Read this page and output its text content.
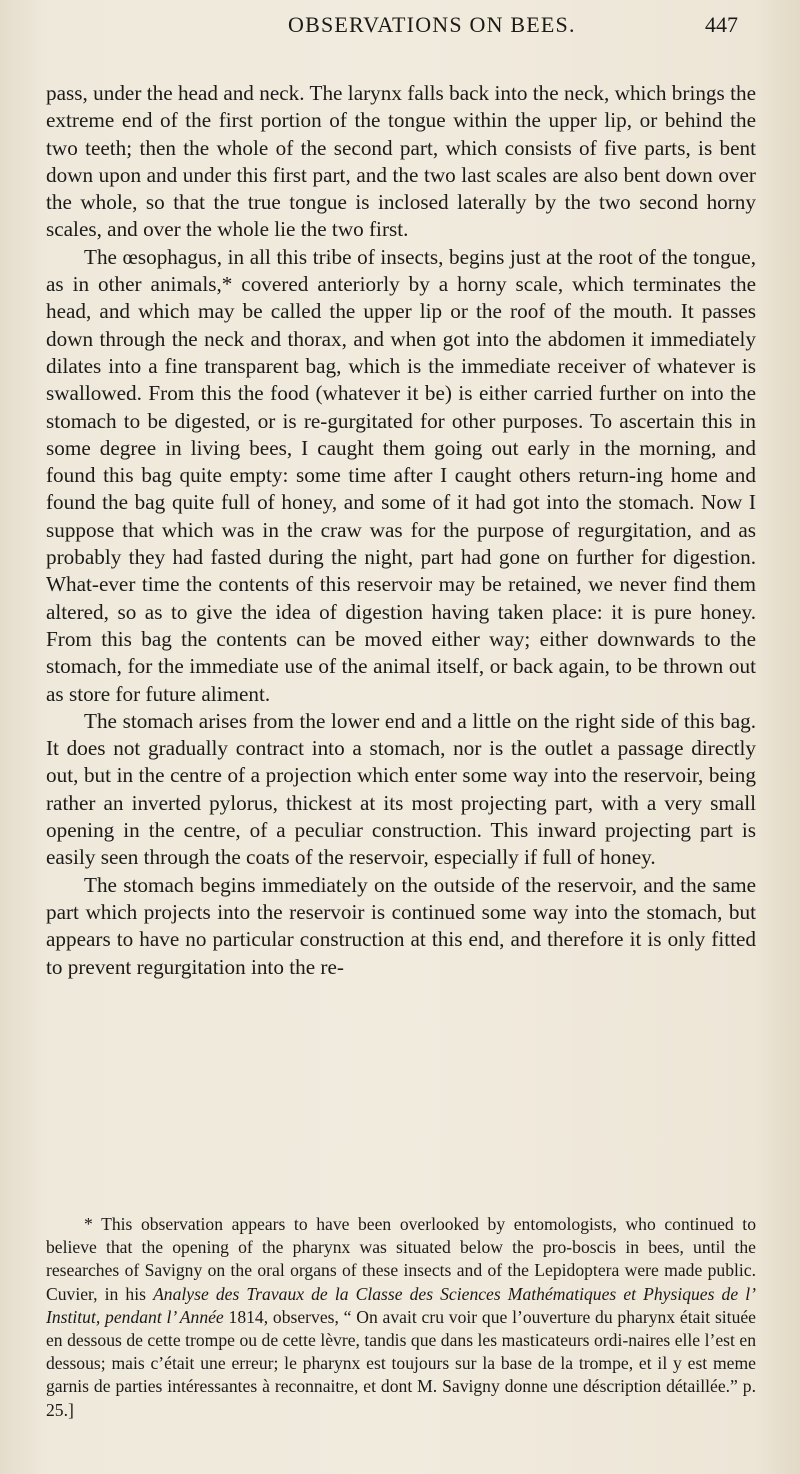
OBSERVATIONS ON BEES.	447

pass, under the head and neck. The larynx falls back into the neck, which brings the extreme end of the first portion of the tongue within the upper lip, or behind the two teeth; then the whole of the second part, which consists of five parts, is bent down upon and under this first part, and the two last scales are also bent down over the whole, so that the true tongue is inclosed laterally by the two second horny scales, and over the whole lie the two first.

The œsophagus, in all this tribe of insects, begins just at the root of the tongue, as in other animals,* covered anteriorly by a horny scale, which terminates the head, and which may be called the upper lip or the roof of the mouth. It passes down through the neck and thorax, and when got into the abdomen it immediately dilates into a fine transparent bag, which is the immediate receiver of whatever is swallowed. From this the food (whatever it be) is either carried further on into the stomach to be digested, or is re-gurgitated for other purposes. To ascertain this in some degree in living bees, I caught them going out early in the morning, and found this bag quite empty: some time after I caught others return-ing home and found the bag quite full of honey, and some of it had got into the stomach. Now I suppose that which was in the craw was for the purpose of regurgitation, and as probably they had fasted during the night, part had gone on further for digestion. What-ever time the contents of this reservoir may be retained, we never find them altered, so as to give the idea of digestion having taken place: it is pure honey. From this bag the contents can be moved either way; either downwards to the stomach, for the immediate use of the animal itself, or back again, to be thrown out as store for future aliment.

The stomach arises from the lower end and a little on the right side of this bag. It does not gradually contract into a stomach, nor is the outlet a passage directly out, but in the centre of a projection which enter some way into the reservoir, being rather an inverted pylorus, thickest at its most projecting part, with a very small opening in the centre, of a peculiar construction. This inward projecting part is easily seen through the coats of the reservoir, especially if full of honey.

The stomach begins immediately on the outside of the reservoir, and the same part which projects into the reservoir is continued some way into the stomach, but appears to have no particular construction at this end, and therefore it is only fitted to prevent regurgitation into the re-

* This observation appears to have been overlooked by entomologists, who continued to believe that the opening of the pharynx was situated below the pro-boscis in bees, until the researches of Savigny on the oral organs of these insects and of the Lepidoptera were made public. Cuvier, in his Analyse des Travaux de la Classe des Sciences Mathématiques et Physiques de l’ Institut, pendant l’ Année 1814, observes, “ On avait cru voir que l’ouverture du pharynx était située en dessous de cette trompe ou de cette lèvre, tandis que dans les masticateurs ordi-naires elle l’est en dessous; mais c’était une erreur; le pharynx est toujours sur la base de la trompe, et il y est meme garnis de parties intéressantes à reconnaitre, et dont M. Savigny donne une déscription détaillée.” p. 25.]
